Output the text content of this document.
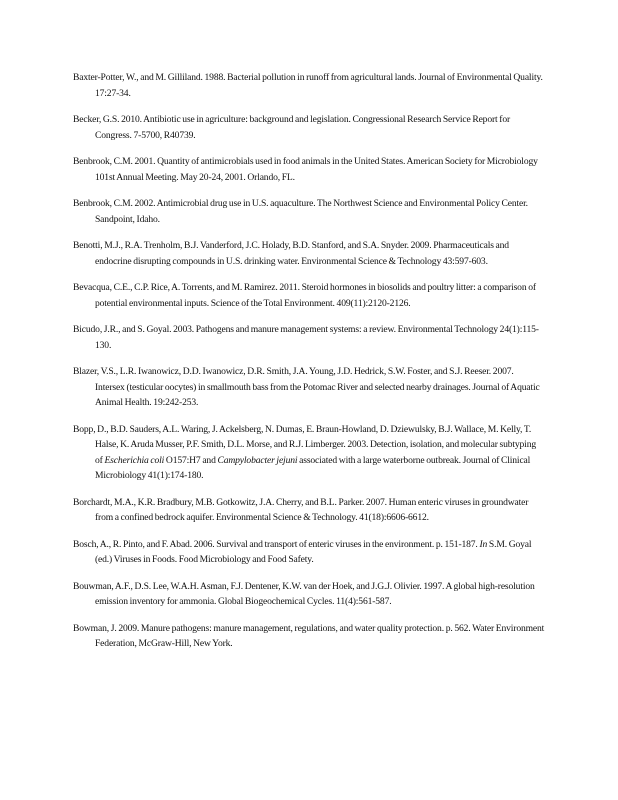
Baxter-Potter, W., and M. Gilliland. 1988. Bacterial pollution in runoff from agricultural lands. Journal of Environmental Quality. 17:27-34.
Becker, G.S. 2010. Antibiotic use in agriculture: background and legislation. Congressional Research Service Report for Congress. 7-5700, R40739.
Benbrook, C.M. 2001. Quantity of antimicrobials used in food animals in the United States. American Society for Microbiology 101st Annual Meeting. May 20-24, 2001. Orlando, FL.
Benbrook, C.M. 2002. Antimicrobial drug use in U.S. aquaculture. The Northwest Science and Environmental Policy Center. Sandpoint, Idaho.
Benotti, M.J., R.A. Trenholm, B.J. Vanderford, J.C. Holady, B.D. Stanford, and S.A. Snyder. 2009. Pharmaceuticals and endocrine disrupting compounds in U.S. drinking water. Environmental Science & Technology 43:597-603.
Bevacqua, C.E., C.P. Rice, A. Torrents, and M. Ramirez. 2011. Steroid hormones in biosolids and poultry litter: a comparison of potential environmental inputs. Science of the Total Environment. 409(11):2120-2126.
Bicudo, J.R., and S. Goyal. 2003. Pathogens and manure management systems: a review. Environmental Technology 24(1):115-130.
Blazer, V.S., L.R. Iwanowicz, D.D. Iwanowicz, D.R. Smith, J.A. Young, J.D. Hedrick, S.W. Foster, and S.J. Reeser. 2007. Intersex (testicular oocytes) in smallmouth bass from the Potomac River and selected nearby drainages. Journal of Aquatic Animal Health. 19:242-253.
Bopp, D., B.D. Sauders, A.L. Waring, J. Ackelsberg, N. Dumas, E. Braun-Howland, D. Dziewulsky, B.J. Wallace, M. Kelly, T. Halse, K. Aruda Musser, P.F. Smith, D.L. Morse, and R.J. Limberger. 2003. Detection, isolation, and molecular subtyping of Escherichia coli O157:H7 and Campylobacter jejuni associated with a large waterborne outbreak. Journal of Clinical Microbiology 41(1):174-180.
Borchardt, M.A., K.R. Bradbury, M.B. Gotkowitz, J.A. Cherry, and B.L. Parker. 2007. Human enteric viruses in groundwater from a confined bedrock aquifer. Environmental Science & Technology. 41(18):6606-6612.
Bosch, A., R. Pinto, and F. Abad. 2006. Survival and transport of enteric viruses in the environment. p. 151-187. In S.M. Goyal (ed.) Viruses in Foods. Food Microbiology and Food Safety.
Bouwman, A.F., D.S. Lee, W.A.H. Asman, F.J. Dentener, K.W. van der Hoek, and J.G.J. Olivier. 1997. A global high-resolution emission inventory for ammonia. Global Biogeochemical Cycles. 11(4):561-587.
Bowman, J. 2009. Manure pathogens: manure management, regulations, and water quality protection. p. 562. Water Environment Federation, McGraw-Hill, New York.
